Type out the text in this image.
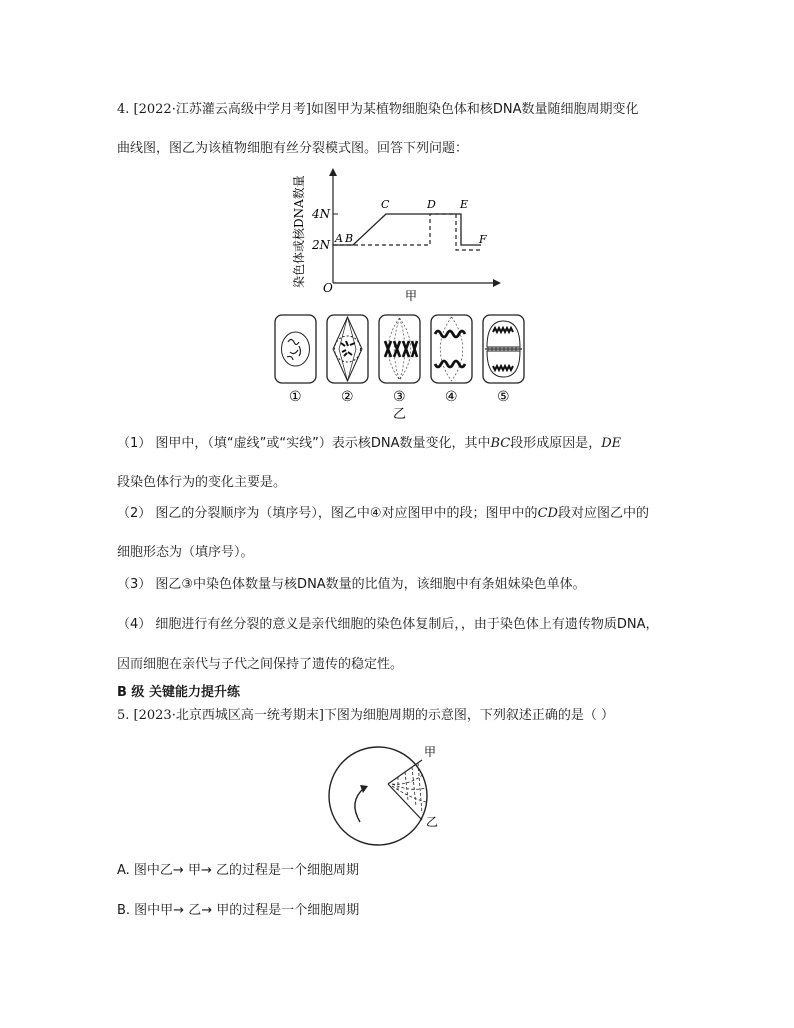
4. [2022·江苏灌云高级中学月考]如图甲为某植物细胞染色体和核DNA数量随细胞周期变化
曲线图，图乙为该植物细胞有丝分裂模式图。回答下列问题：
染色体或核DNA数量 4N
2N
O
A B
C	D E
F
甲
①	②	③	④	⑤
乙
（1） 图甲中，（填“虚线”或“实线”）表示核DNA数量变化，其中BC段形成原因是，DE
段染色体行为的变化主要是。
（2） 图乙的分裂顺序为（填序号），图乙中④对应图甲中的段；图甲中的CD段对应图乙中的
细胞形态为（填序号）。
（3） 图乙③中染色体数量与核DNA数量的比值为，该细胞中有条姐妹染色单体。
（4） 细胞进行有丝分裂的意义是亲代细胞的染色体复制后，，由于染色体上有遗传物质DNA，
因而细胞在亲代与子代之间保持了遗传的稳定性。
B 级 关键能力提升练
5. [2023·北京西城区高一统考期末]下图为细胞周期的示意图，下列叙述正确的是（ ）
甲
乙
A. 图中乙→ 甲→ 乙的过程是一个细胞周期
B. 图中甲→ 乙→ 甲的过程是一个细胞周期
